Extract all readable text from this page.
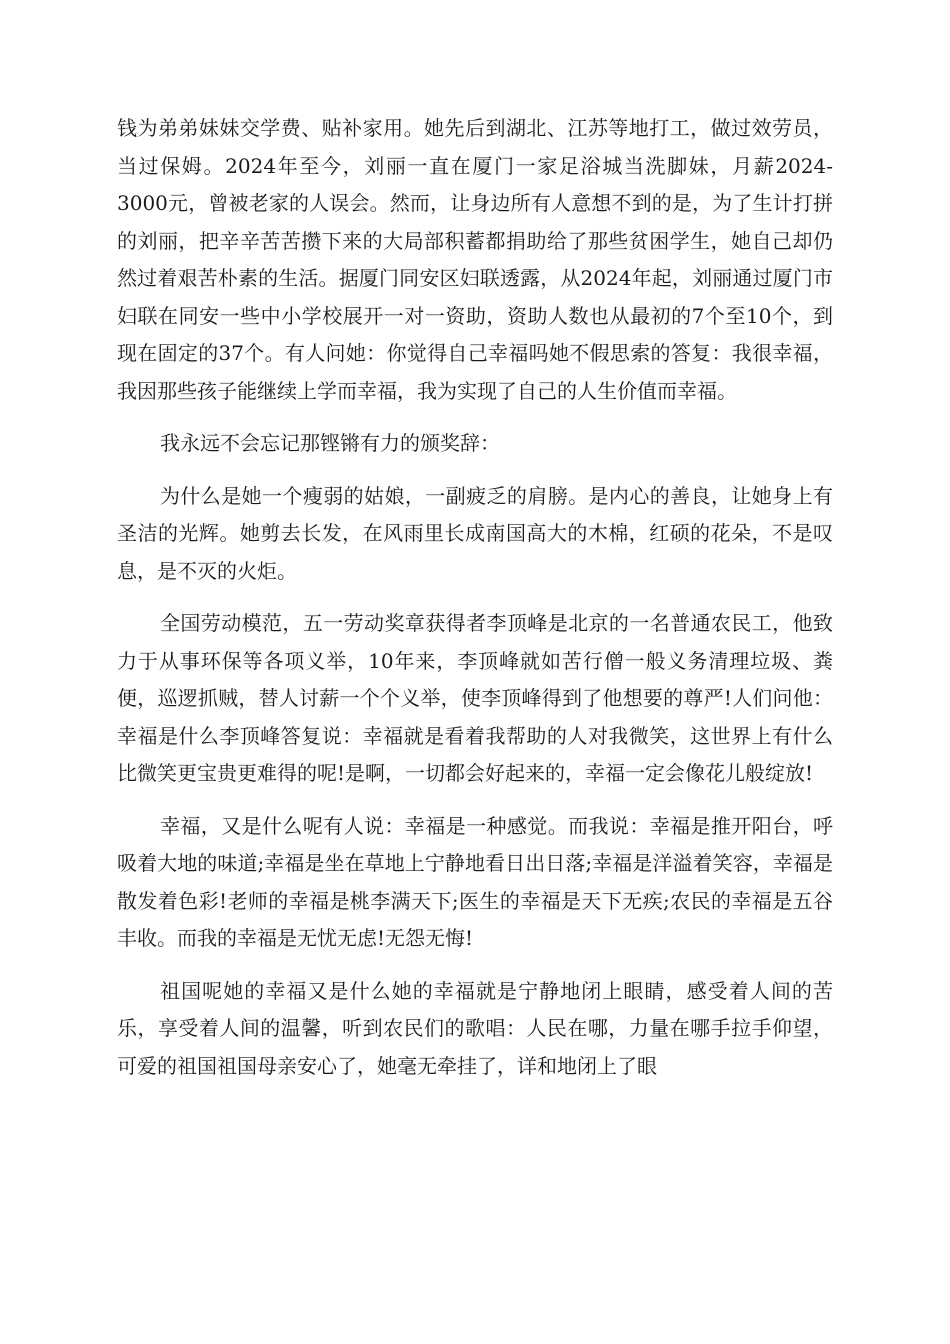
钱为弟弟妹妹交学费、贴补家用。她先后到湖北、江苏等地打工，做过效劳员，当过保姆。2024年至今，刘丽一直在厦门一家足浴城当洗脚妹，月薪2024-3000元，曾被老家的人误会。然而，让身边所有人意想不到的是，为了生计打拼的刘丽，把辛辛苦苦攒下来的大局部积蓄都捐助给了那些贫困学生，她自己却仍然过着艰苦朴素的生活。据厦门同安区妇联透露，从2024年起，刘丽通过厦门市妇联在同安一些中小学校展开一对一资助，资助人数也从最初的7个至10个，到现在固定的37个。有人问她：你觉得自己幸福吗她不假思索的答复：我很幸福，我因那些孩子能继续上学而幸福，我为实现了自己的人生价值而幸福。

我永远不会忘记那铿锵有力的颁奖辞：

为什么是她一个瘦弱的姑娘，一副疲乏的肩膀。是内心的善良，让她身上有圣洁的光辉。她剪去长发，在风雨里长成南国高大的木棉，红硕的花朵，不是叹息，是不灭的火炬。

全国劳动模范，五一劳动奖章获得者李顶峰是北京的一名普通农民工，他致力于从事环保等各项义举，10年来，李顶峰就如苦行僧一般义务清理垃圾、粪便，巡逻抓贼，替人讨薪一个个义举，使李顶峰得到了他想要的尊严!人们问他：幸福是什么李顶峰答复说：幸福就是看着我帮助的人对我微笑，这世界上有什么比微笑更宝贵更难得的呢!是啊，一切都会好起来的，幸福一定会像花儿般绽放!

幸福，又是什么呢有人说：幸福是一种感觉。而我说：幸福是推开阳台，呼吸着大地的味道;幸福是坐在草地上宁静地看日出日落;幸福是洋溢着笑容，幸福是散发着色彩!老师的幸福是桃李满天下;医生的幸福是天下无疾;农民的幸福是五谷丰收。而我的幸福是无忧无虑!无怨无悔!

祖国呢她的幸福又是什么她的幸福就是宁静地闭上眼睛，感受着人间的苦乐，享受着人间的温馨，听到农民们的歌唱：人民在哪，力量在哪手拉手仰望，可爱的祖国祖国母亲安心了，她毫无牵挂了，详和地闭上了眼
